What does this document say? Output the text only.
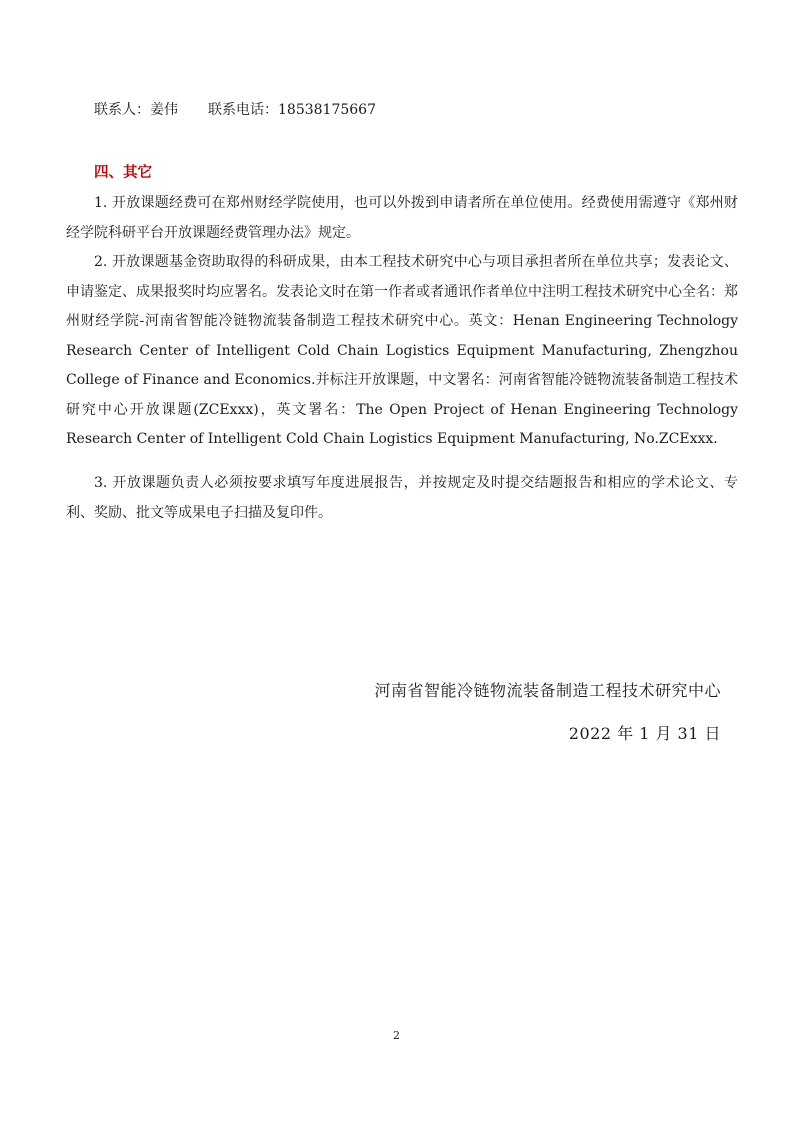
联系人：姜伟 联系电话：18538175667
四、其它

1. 开放课题经费可在郑州财经学院使用，也可以外拨到申请者所在单位使用。经费使用需遵守《郑州财经学院科研平台开放课题经费管理办法》规定。

2. 开放课题基金资助取得的科研成果，由本工程技术研究中心与项目承担者所在单位共享；发表论文、申请鉴定、成果报奖时均应署名。发表论文时在第一作者或者通讯作者单位中注明工程技术研究中心全名：郑州财经学院-河南省智能冷链物流装备制造工程技术研究中心。英文：Henan Engineering Technology Research Center of Intelligent Cold Chain Logistics Equipment Manufacturing, Zhengzhou College of Finance and Economics.并标注开放课题，中文署名：河南省智能冷链物流装备制造工程技术研究中心开放课题(ZCExxx)，英文署名：The Open Project of Henan Engineering Technology Research Center of Intelligent Cold Chain Logistics Equipment Manufacturing, No.ZCExxx.

3. 开放课题负责人必须按要求填写年度进展报告，并按规定及时提交结题报告和相应的学术论文、专利、奖励、批文等成果电子扫描及复印件。

河南省智能冷链物流装备制造工程技术研究中心
2022 年 1 月 31 日
2
